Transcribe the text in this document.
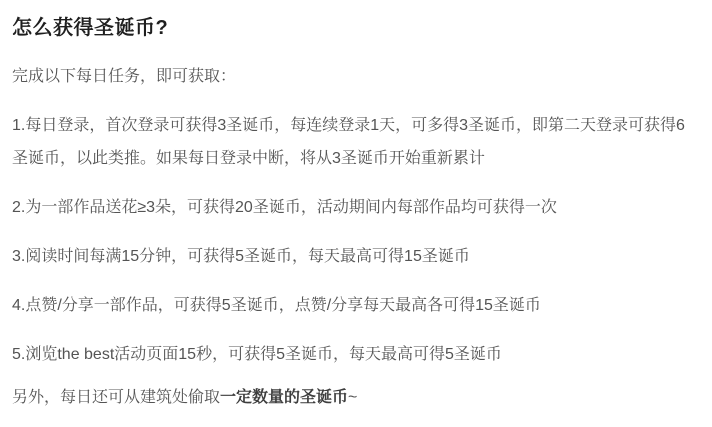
怎么获得圣诞币?

完成以下每日任务，即可获取：

1.每日登录，首次登录可获得3圣诞币，每连续登录1天，可多得3圣诞币，即第二天登录可获得6圣诞币，以此类推。如果每日登录中断，将从3圣诞币开始重新累计

2.为一部作品送花≥3朵，可获得20圣诞币，活动期间内每部作品均可获得一次

3.阅读时间每满15分钟，可获得5圣诞币，每天最高可得15圣诞币

4.点赞/分享一部作品，可获得5圣诞币，点赞/分享每天最高各可得15圣诞币

5.浏览the best活动页面15秒，可获得5圣诞币，每天最高可得5圣诞币

另外，每日还可从建筑处偷取一定数量的圣诞币~
